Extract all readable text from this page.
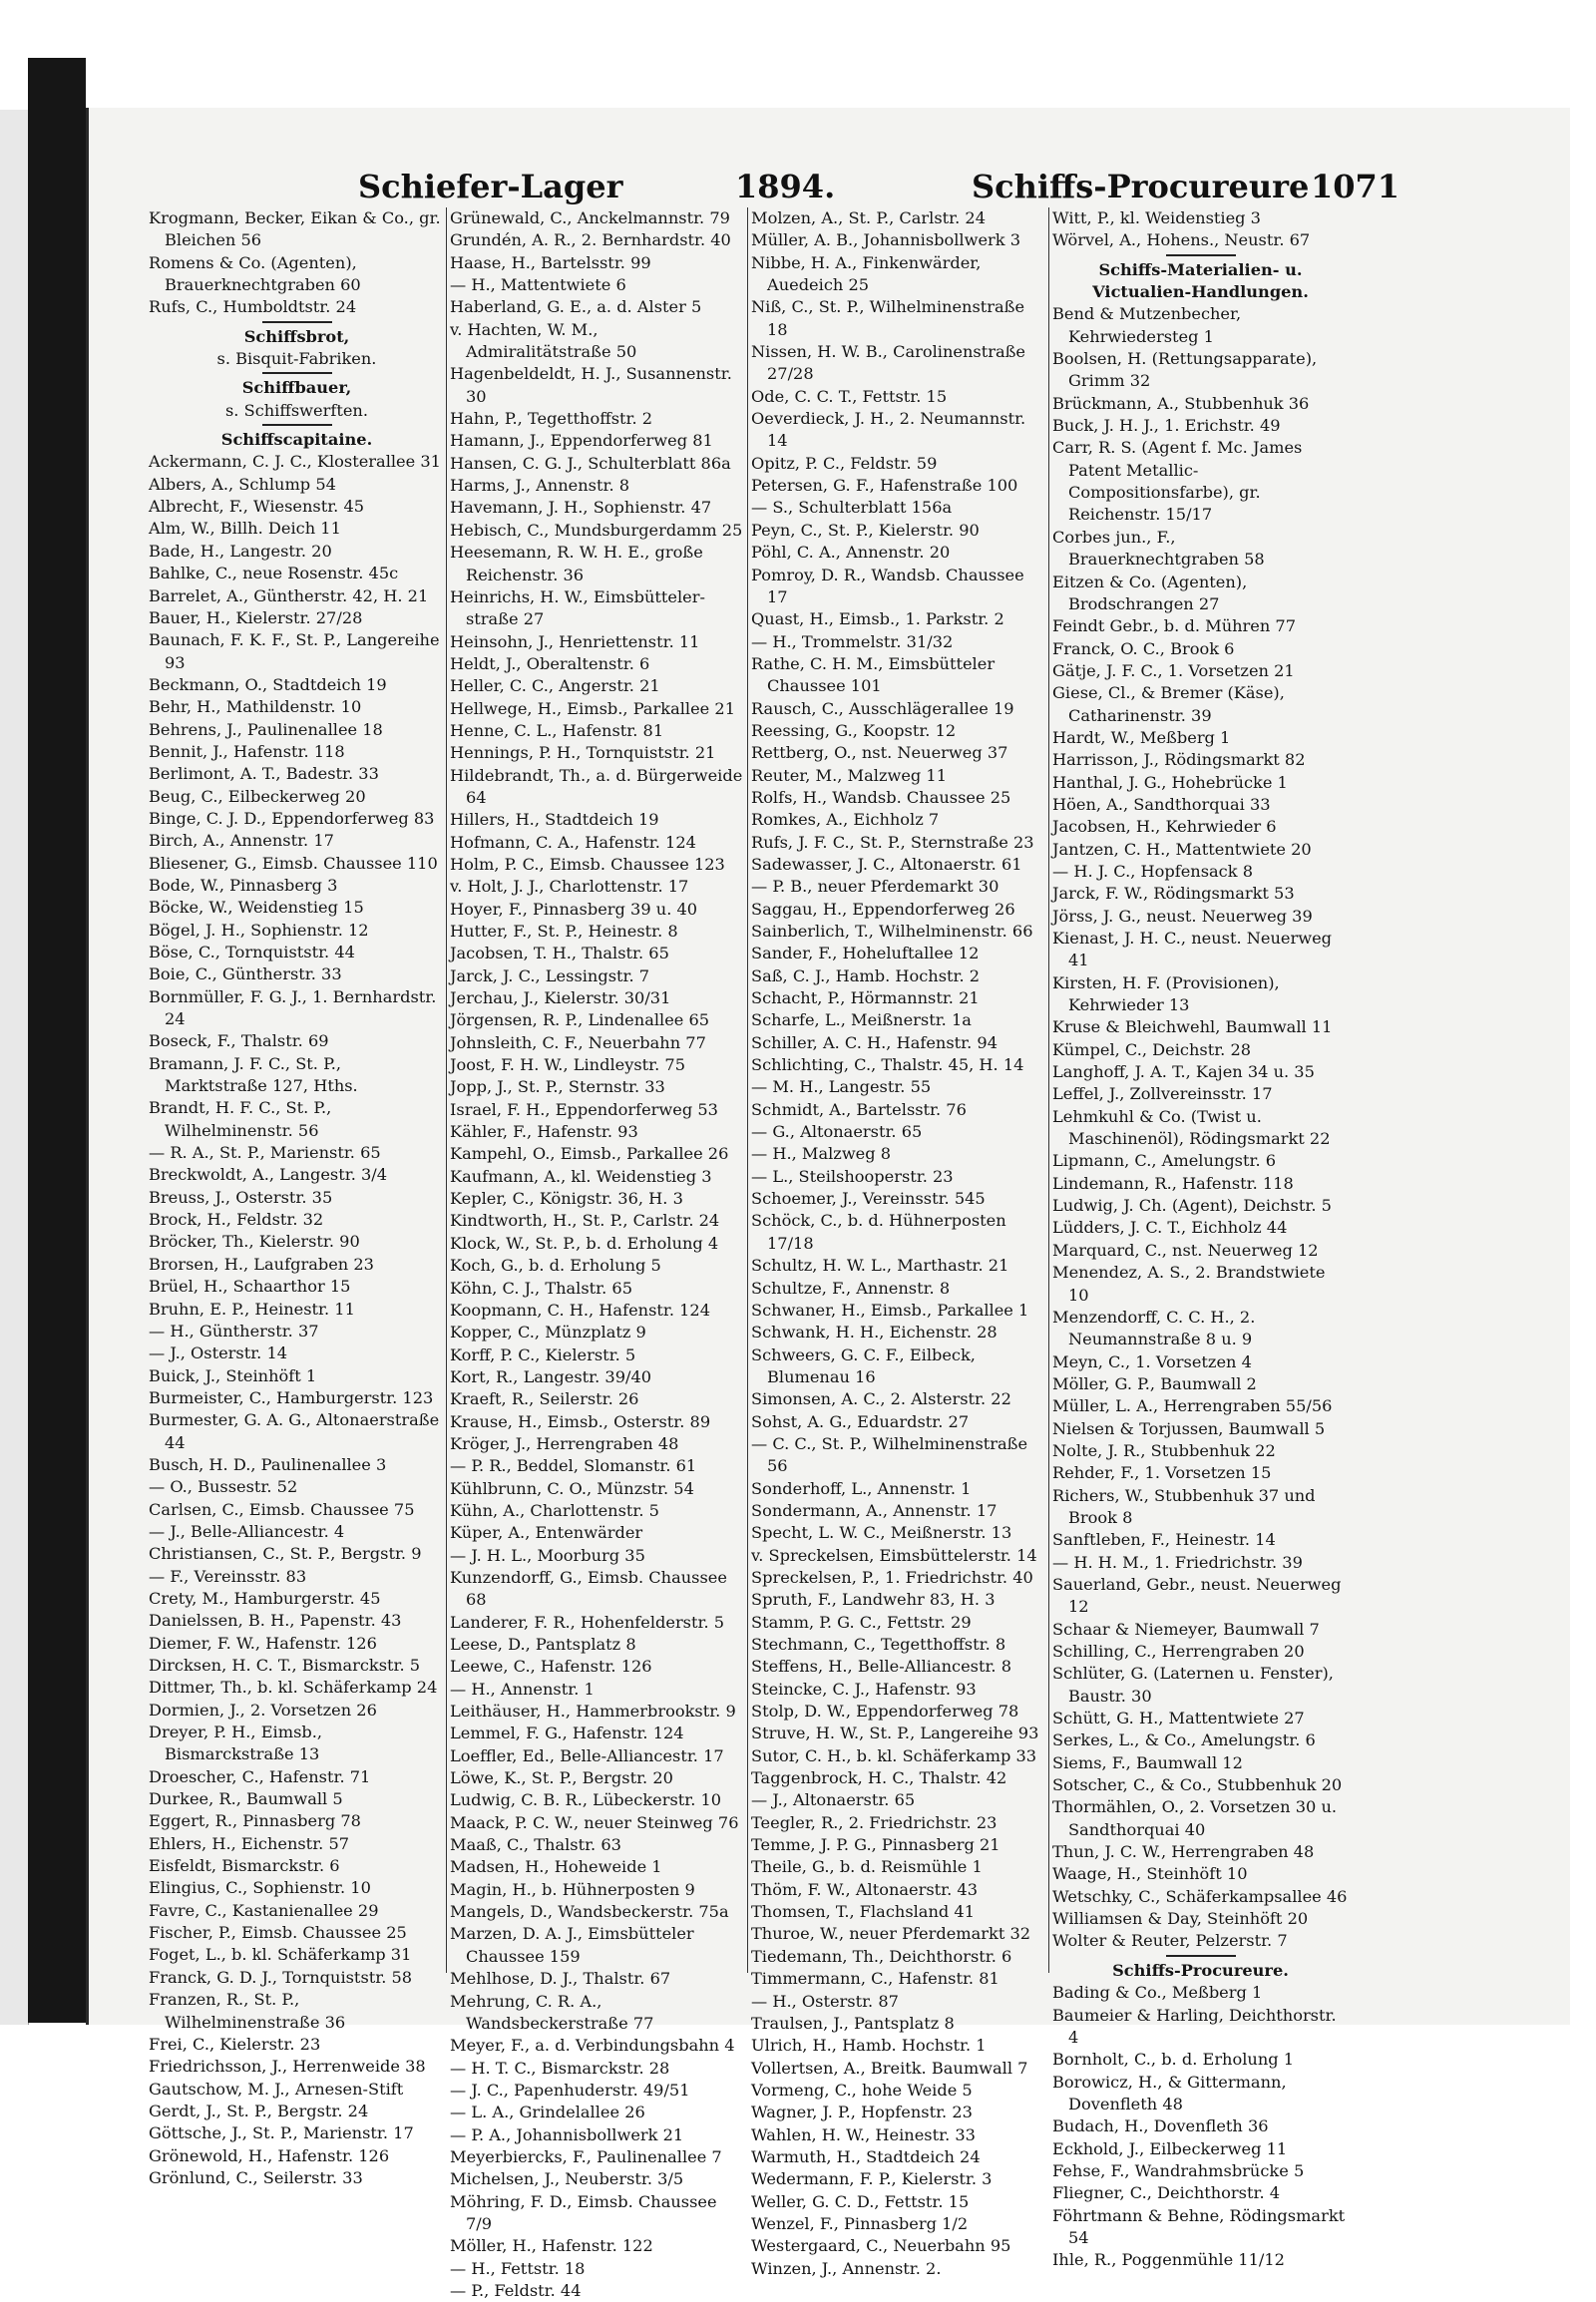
Schiefer-Lager	1894.	Schiffs-Procureure 1071

Krogmann, Becker, Eikan & Co., gr. Bleichen 56

Romens & Co. (Agenten), Brauerknechtgraben 60

Rufs, C., Humboldtstr. 24

Schiffsbrot,

s. Bisquit-Fabriken.

Schiffbauer,

s. Schiffswerften.

Schiffscapitaine.

Ackermann, C. J. C., Klosterallee 31

Albers, A., Schlump 54

Albrecht, F., Wiesenstr. 45

Alm, W., Billh. Deich 11

Bade, H., Langestr. 20

Bahlke, C., neue Rosenstr. 45c

Barrelet, A., Güntherstr. 42, H. 21

Bauer, H., Kielerstr. 27/28

Baunach, F. K. F., St. P., Langereihe 93

Beckmann, O., Stadtdeich 19

Behr, H., Mathildenstr. 10

Behrens, J., Paulinenallee 18

Bennit, J., Hafenstr. 118

Berlimont, A. T., Badestr. 33

Beug, C., Eilbeckerweg 20

Binge, C. J. D., Eppendorferweg 83

Birch, A., Annenstr. 17

Bliesener, G., Eimsb. Chaussee 110

Bode, W., Pinnasberg 3

Böcke, W., Weidenstieg 15

Bögel, J. H., Sophienstr. 12

Böse, C., Tornquiststr. 44

Boie, C., Güntherstr. 33

Bornmüller, F. G. J., 1. Bernhardstr. 24

Boseck, F., Thalstr. 69

Bramann, J. F. C., St. P., Marktstraße 127, Hths.

Brandt, H. F. C., St. P., Wilhelminenstr. 56

— R. A., St. P., Marienstr. 65

Breckwoldt, A., Langestr. 3/4

Breuss, J., Osterstr. 35

Brock, H., Feldstr. 32

Bröcker, Th., Kielerstr. 90

Brorsen, H., Laufgraben 23

Brüel, H., Schaarthor 15

Bruhn, E. P., Heinestr. 11

— H., Güntherstr. 37

— J., Osterstr. 14

Buick, J., Steinhöft 1

Burmeister, C., Hamburgerstr. 123

Burmester, G. A. G., Altonaerstraße 44

Busch, H. D., Paulinenallee 3

— O., Bussestr. 52

Carlsen, C., Eimsb. Chaussee 75

— J., Belle-Alliancestr. 4

Christiansen, C., St. P., Bergstr. 9

— F., Vereinsstr. 83

Crety, M., Hamburgerstr. 45

Danielssen, B. H., Papenstr. 43

Diemer, F. W., Hafenstr. 126

Dircksen, H. C. T., Bismarckstr. 5

Dittmer, Th., b. kl. Schäferkamp 24

Dormien, J., 2. Vorsetzen 26

Dreyer, P. H., Eimsb., Bismarckstraße 13

Droescher, C., Hafenstr. 71

Durkee, R., Baumwall 5

Eggert, R., Pinnasberg 78

Ehlers, H., Eichenstr. 57

Eisfeldt, Bismarckstr. 6

Elingius, C., Sophienstr. 10

Favre, C., Kastanienallee 29

Fischer, P., Eimsb. Chaussee 25

Foget, L., b. kl. Schäferkamp 31

Franck, G. D. J., Tornquiststr. 58

Franzen, R., St. P., Wilhelminenstraße 36

Frei, C., Kielerstr. 23

Friedrichsson, J., Herrenweide 38

Gautschow, M. J., Arnesen-Stift

Gerdt, J., St. P., Bergstr. 24

Göttsche, J., St. P., Marienstr. 17

Grönewold, H., Hafenstr. 126

Grönlund, C., Seilerstr. 33

Grünewald, C., Anckelmannstr. 79

Grundén, A. R., 2. Bernhardstr. 40

Haase, H., Bartelsstr. 99

— H., Mattentwiete 6

Haberland, G. E., a. d. Alster 5

v. Hachten, W. M., Admiralitätstraße 50

Hagenbeldeldt, H. J., Susannenstr. 30

Hahn, P., Tegetthoffstr. 2

Hamann, J., Eppendorferweg 81

Hansen, C. G. J., Schulterblatt 86a

Harms, J., Annenstr. 8

Havemann, J. H., Sophienstr. 47

Hebisch, C., Mundsburgerdamm 25

Heesemann, R. W. H. E., große Reichenstr. 36

Heinrichs, H. W., Eimsbütteler-straße 27

Heinsohn, J., Henriettenstr. 11

Heldt, J., Oberaltenstr. 6

Heller, C. C., Angerstr. 21

Hellwege, H., Eimsb., Parkallee 21

Henne, C. L., Hafenstr. 81

Hennings, P. H., Tornquiststr. 21

Hildebrandt, Th., a. d. Bürgerweide 64

Hillers, H., Stadtdeich 19

Hofmann, C. A., Hafenstr. 124

Holm, P. C., Eimsb. Chaussee 123

v. Holt, J. J., Charlottenstr. 17

Hoyer, F., Pinnasberg 39 u. 40

Hutter, F., St. P., Heinestr. 8

Jacobsen, T. H., Thalstr. 65

Jarck, J. C., Lessingstr. 7

Jerchau, J., Kielerstr. 30/31

Jörgensen, R. P., Lindenallee 65

Johnsleith, C. F., Neuerbahn 77

Joost, F. H. W., Lindleystr. 75

Jopp, J., St. P., Sternstr. 33

Israel, F. H., Eppendorferweg 53

Kähler, F., Hafenstr. 93

Kampehl, O., Eimsb., Parkallee 26

Kaufmann, A., kl. Weidenstieg 3

Kepler, C., Königstr. 36, H. 3

Kindtworth, H., St. P., Carlstr. 24

Klock, W., St. P., b. d. Erholung 4

Koch, G., b. d. Erholung 5

Köhn, C. J., Thalstr. 65

Koopmann, C. H., Hafenstr. 124

Kopper, C., Münzplatz 9

Korff, P. C., Kielerstr. 5

Kort, R., Langestr. 39/40

Kraeft, R., Seilerstr. 26

Krause, H., Eimsb., Osterstr. 89

Kröger, J., Herrengraben 48

— P. R., Beddel, Slomanstr. 61

Kühlbrunn, C. O., Münzstr. 54

Kühn, A., Charlottenstr. 5

Küper, A., Entenwärder

— J. H. L., Moorburg 35

Kunzendorff, G., Eimsb. Chaussee 68

Landerer, F. R., Hohenfelderstr. 5

Leese, D., Pantsplatz 8

Leewe, C., Hafenstr. 126

— H., Annenstr. 1

Leithäuser, H., Hammerbrookstr. 9

Lemmel, F. G., Hafenstr. 124

Loeffler, Ed., Belle-Alliancestr. 17

Löwe, K., St. P., Bergstr. 20

Ludwig, C. B. R., Lübeckerstr. 10

Maack, P. C. W., neuer Steinweg 76

Maaß, C., Thalstr. 63

Madsen, H., Hoheweide 1

Magin, H., b. Hühnerposten 9

Mangels, D., Wandsbeckerstr. 75a

Marzen, D. A. J., Eimsbütteler Chaussee 159

Mehlhose, D. J., Thalstr. 67

Mehrung, C. R. A., Wandsbeckerstraße 77

Meyer, F., a. d. Verbindungsbahn 4

— H. T. C., Bismarckstr. 28

— J. C., Papenhuderstr. 49/51

— L. A., Grindelallee 26

— P. A., Johannisbollwerk 21

Meyerbiercks, F., Paulinenallee 7

Michelsen, J., Neuberstr. 3/5

Möhring, F. D., Eimsb. Chaussee 7/9

Möller, H., Hafenstr. 122

— H., Fettstr. 18

— P., Feldstr. 44

Molzen, A., St. P., Carlstr. 24

Müller, A. B., Johannisbollwerk 3

Nibbe, H. A., Finkenwärder, Auedeich 25

Niß, C., St. P., Wilhelminenstraße 18

Nissen, H. W. B., Carolinenstraße 27/28

Ode, C. C. T., Fettstr. 15

Oeverdieck, J. H., 2. Neumannstr. 14

Opitz, P. C., Feldstr. 59

Petersen, G. F., Hafenstraße 100

— S., Schulterblatt 156a

Peyn, C., St. P., Kielerstr. 90

Pöhl, C. A., Annenstr. 20

Pomroy, D. R., Wandsb. Chaussee 17

Quast, H., Eimsb., 1. Parkstr. 2

— H., Trommelstr. 31/32

Rathe, C. H. M., Eimsbütteler Chaussee 101

Rausch, C., Ausschlägerallee 19

Reessing, G., Koopstr. 12

Rettberg, O., nst. Neuerweg 37

Reuter, M., Malzweg 11

Rolfs, H., Wandsb. Chaussee 25

Romkes, A., Eichholz 7

Rufs, J. F. C., St. P., Sternstraße 23

Sadewasser, J. C., Altonaerstr. 61

— P. B., neuer Pferdemarkt 30

Saggau, H., Eppendorferweg 26

Sainberlich, T., Wilhelminenstr. 66

Sander, F., Hoheluftallee 12

Saß, C. J., Hamb. Hochstr. 2

Schacht, P., Hörmannstr. 21

Scharfe, L., Meißnerstr. 1a

Schiller, A. C. H., Hafenstr. 94

Schlichting, C., Thalstr. 45, H. 14

— M. H., Langestr. 55

Schmidt, A., Bartelsstr. 76

— G., Altonaerstr. 65

— H., Malzweg 8

— L., Steilshooperstr. 23

Schoemer, J., Vereinsstr. 545

Schöck, C., b. d. Hühnerposten 17/18

Schultz, H. W. L., Marthastr. 21

Schultze, F., Annenstr. 8

Schwaner, H., Eimsb., Parkallee 1

Schwank, H. H., Eichenstr. 28

Schweers, G. C. F., Eilbeck, Blumenau 16

Simonsen, A. C., 2. Alsterstr. 22

Sohst, A. G., Eduardstr. 27

— C. C., St. P., Wilhelminenstraße 56

Sonderhoff, L., Annenstr. 1

Sondermann, A., Annenstr. 17

Specht, L. W. C., Meißnerstr. 13

v. Spreckelsen, Eimsbüttelerstr. 14

Spreckelsen, P., 1. Friedrichstr. 40

Spruth, F., Landwehr 83, H. 3

Stamm, P. G. C., Fettstr. 29

Stechmann, C., Tegetthoffstr. 8

Steffens, H., Belle-Alliancestr. 8

Steincke, C. J., Hafenstr. 93

Stolp, D. W., Eppendorferweg 78

Struve, H. W., St. P., Langereihe 93

Sutor, C. H., b. kl. Schäferkamp 33

Taggenbrock, H. C., Thalstr. 42

— J., Altonaerstr. 65

Teegler, R., 2. Friedrichstr. 23

Temme, J. P. G., Pinnasberg 21

Theile, G., b. d. Reismühle 1

Thöm, F. W., Altonaerstr. 43

Thomsen, T., Flachsland 41

Thuroe, W., neuer Pferdemarkt 32

Tiedemann, Th., Deichthorstr. 6

Timmermann, C., Hafenstr. 81

— H., Osterstr. 87

Traulsen, J., Pantsplatz 8

Ulrich, H., Hamb. Hochstr. 1

Vollertsen, A., Breitk. Baumwall 7

Vormeng, C., hohe Weide 5

Wagner, J. P., Hopfenstr. 23

Wahlen, H. W., Heinestr. 33

Warmuth, H., Stadtdeich 24

Wedermann, F. P., Kielerstr. 3

Weller, G. C. D., Fettstr. 15

Wenzel, F., Pinnasberg 1/2

Westergaard, C., Neuerbahn 95

Winzen, J., Annenstr. 2.

Witt, P., kl. Weidenstieg 3

Wörvel, A., Hohens., Neustr. 67

Schiffs-Materialien- u. Victualien-Handlungen.

Bend & Mutzenbecher, Kehrwiedersteg 1

Boolsen, H. (Rettungsapparate), Grimm 32

Brückmann, A., Stubbenhuk 36

Buck, J. H. J., 1. Erichstr. 49

Carr, R. S. (Agent f. Mc. James Patent Metallic-Compositionsfarbe), gr. Reichenstr. 15/17

Corbes jun., F., Brauerknechtgraben 58

Eitzen & Co. (Agenten), Brodschrangen 27

Feindt Gebr., b. d. Mühren 77

Franck, O. C., Brook 6

Gätje, J. F. C., 1. Vorsetzen 21

Giese, Cl., & Bremer (Käse), Catharinenstr. 39

Hardt, W., Meßberg 1

Harrisson, J., Rödingsmarkt 82

Hanthal, J. G., Hohebrücke 1

Höen, A., Sandthorquai 33

Jacobsen, H., Kehrwieder 6

Jantzen, C. H., Mattentwiete 20

— H. J. C., Hopfensack 8

Jarck, F. W., Rödingsmarkt 53

Jörss, J. G., neust. Neuerweg 39

Kienast, J. H. C., neust. Neuerweg 41

Kirsten, H. F. (Provisionen), Kehrwieder 13

Kruse & Bleichwehl, Baumwall 11

Kümpel, C., Deichstr. 28

Langhoff, J. A. T., Kajen 34 u. 35

Leffel, J., Zollvereinsstr. 17

Lehmkuhl & Co. (Twist u. Maschinenöl), Rödingsmarkt 22

Lipmann, C., Amelungstr. 6

Lindemann, R., Hafenstr. 118

Ludwig, J. Ch. (Agent), Deichstr. 5

Lüdders, J. C. T., Eichholz 44

Marquard, C., nst. Neuerweg 12

Menendez, A. S., 2. Brandstwiete 10

Menzendorff, C. C. H., 2. Neumannstraße 8 u. 9

Meyn, C., 1. Vorsetzen 4

Möller, G. P., Baumwall 2

Müller, L. A., Herrengraben 55/56

Nielsen & Torjussen, Baumwall 5

Nolte, J. R., Stubbenhuk 22

Rehder, F., 1. Vorsetzen 15

Richers, W., Stubbenhuk 37 und Brook 8

Sanftleben, F., Heinestr. 14

— H. H. M., 1. Friedrichstr. 39

Sauerland, Gebr., neust. Neuerweg 12

Schaar & Niemeyer, Baumwall 7

Schilling, C., Herrengraben 20

Schlüter, G. (Laternen u. Fenster), Baustr. 30

Schütt, G. H., Mattentwiete 27

Serkes, L., & Co., Amelungstr. 6

Siems, F., Baumwall 12

Sotscher, C., & Co., Stubbenhuk 20

Thormählen, O., 2. Vorsetzen 30 u. Sandthorquai 40

Thun, J. C. W., Herrengraben 48

Waage, H., Steinhöft 10

Wetschky, C., Schäferkampsallee 46

Williamsen & Day, Steinhöft 20

Wolter & Reuter, Pelzerstr. 7

Schiffs-Procureure.

Bading & Co., Meßberg 1

Baumeier & Harling, Deichthorstr. 4

Bornholt, C., b. d. Erholung 1

Borowicz, H., & Gittermann, Dovenfleth 48

Budach, H., Dovenfleth 36

Eckhold, J., Eilbeckerweg 11

Fehse, F., Wandrahmsbrücke 5

Fliegner, C., Deichthorstr. 4

Föhrtmann & Behne, Rödingsmarkt 54

Ihle, R., Poggenmühle 11/12
